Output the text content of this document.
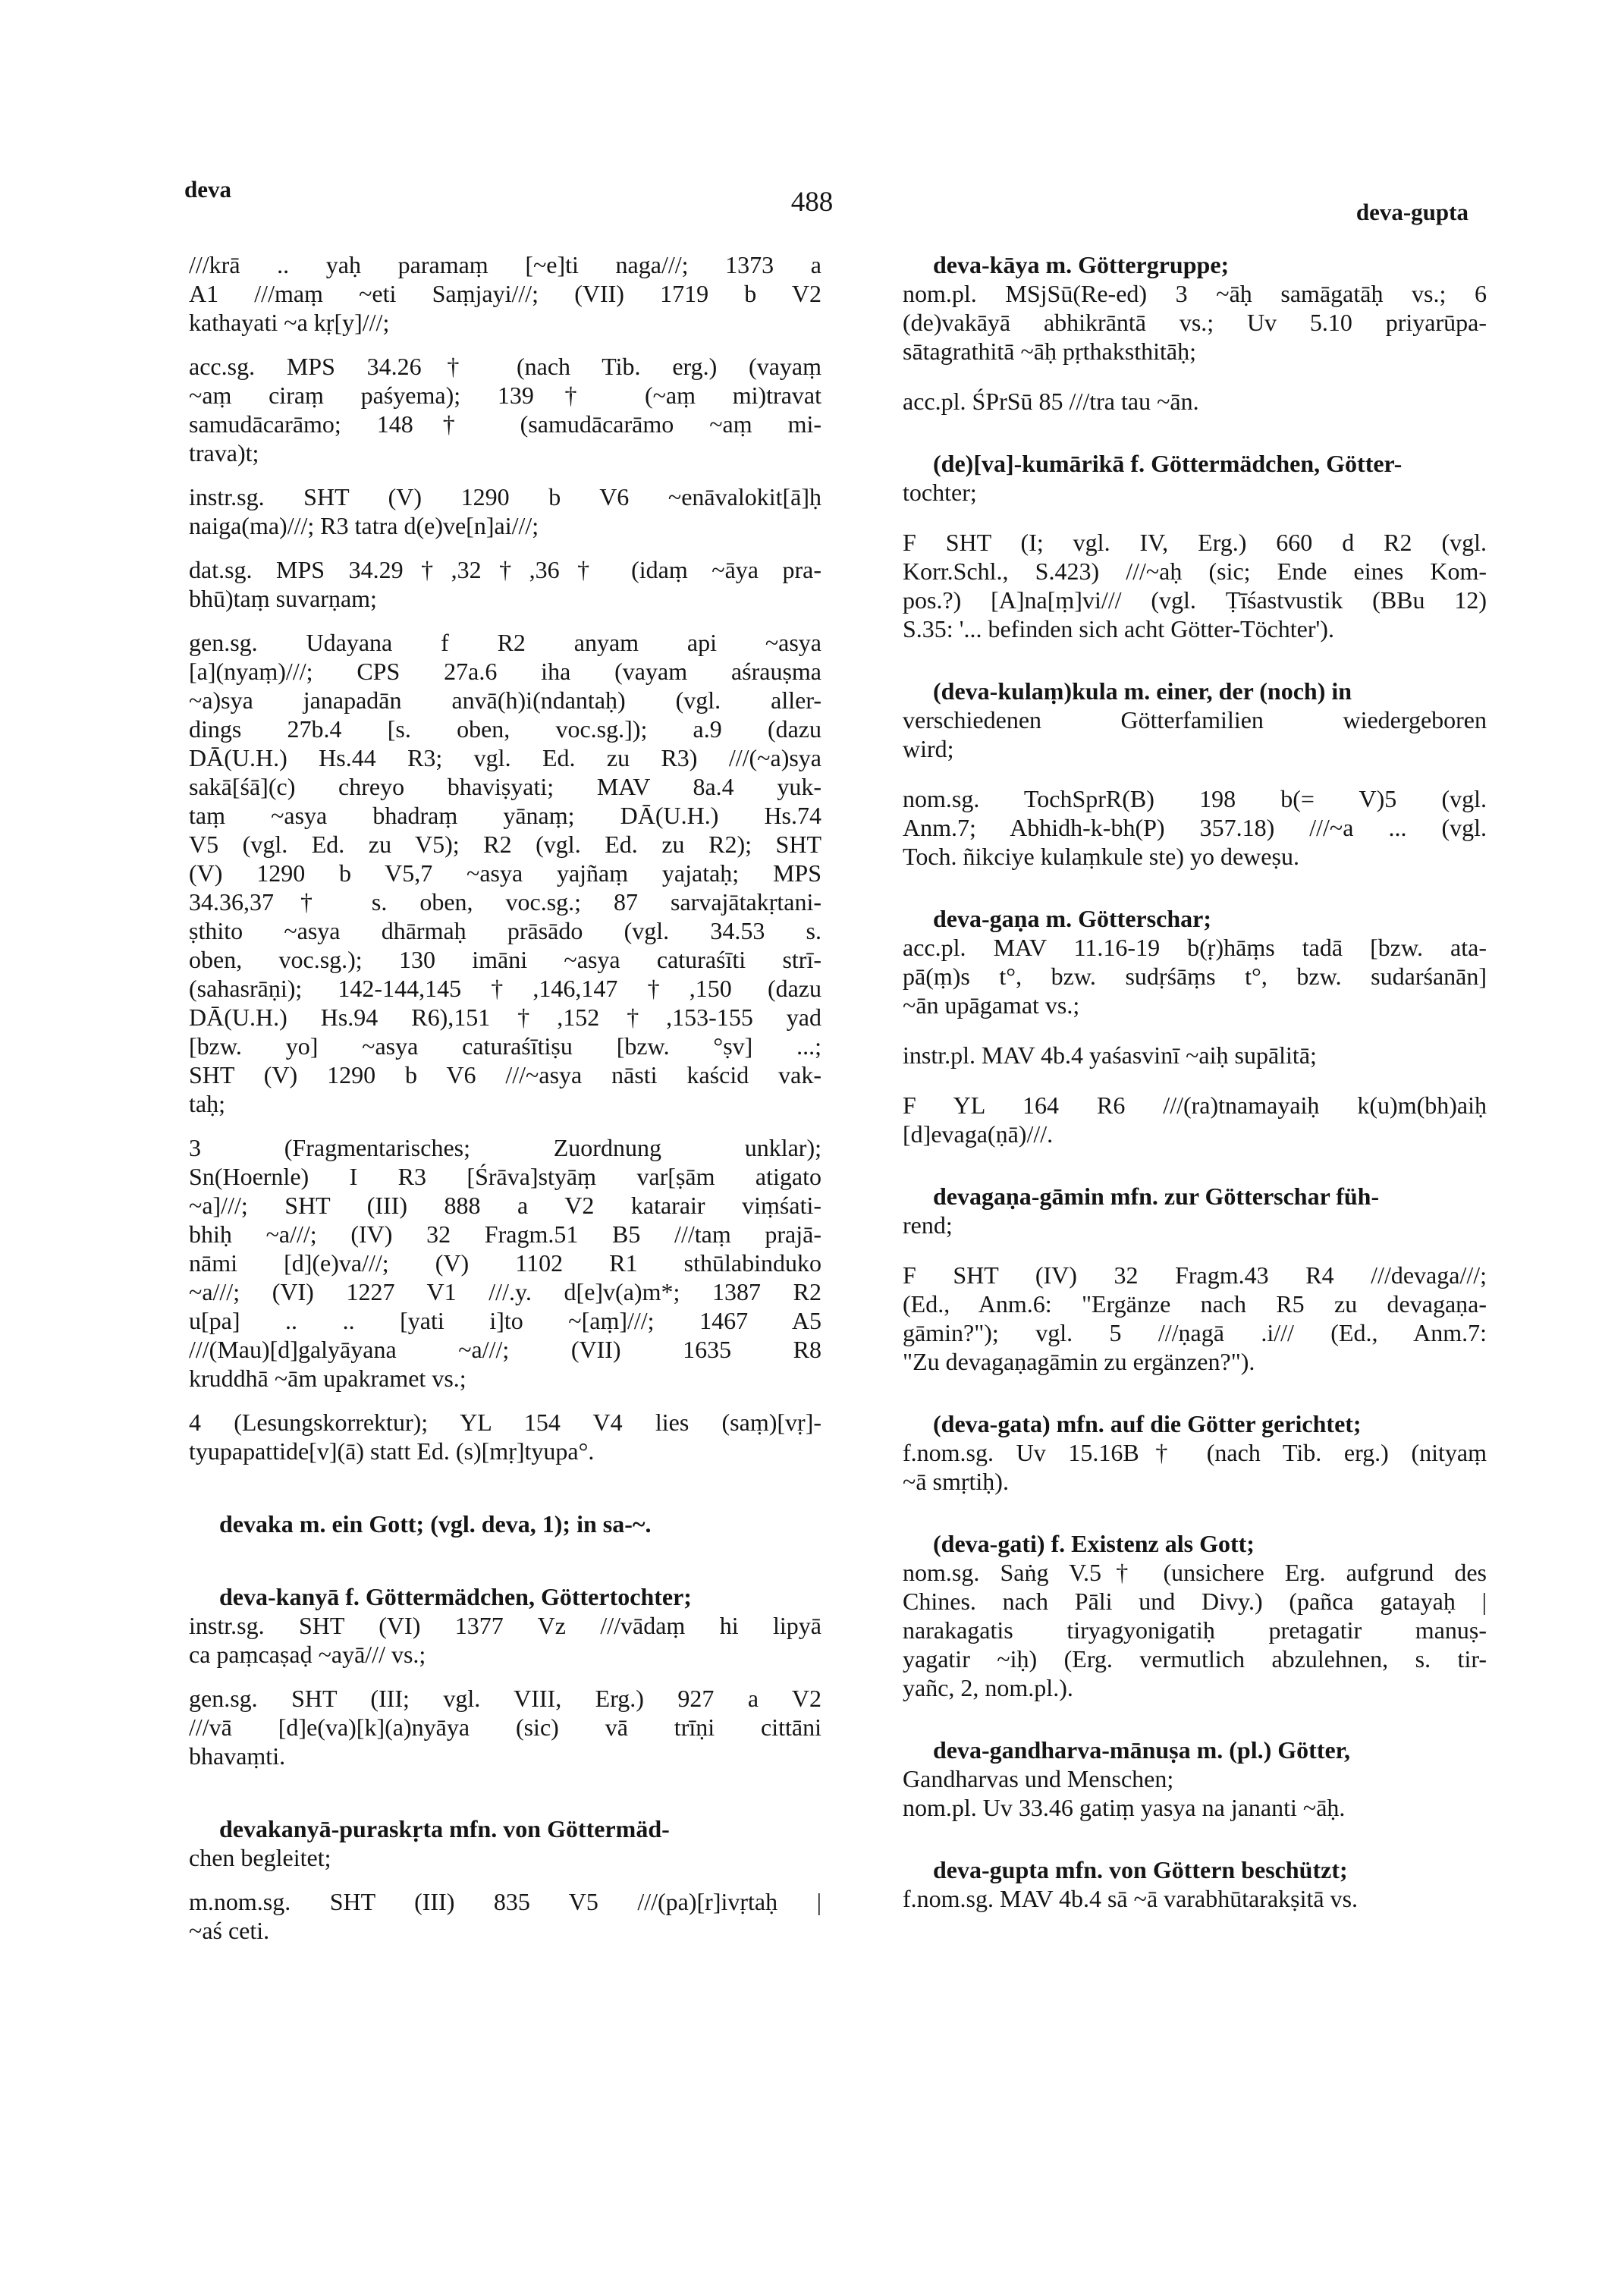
deva	488	deva-gupta
///krā .. yaḥ paramaṃ [~e]ti naga///; 1373 a
A1 ///maṃ ~eti Saṃjayi///; (VII) 1719 b V2
kathayati ~a kṛ[y]///;
acc.sg. MPS 34.26† (nach Tib. erg.) (vayaṃ
~aṃ ciraṃ paśyema); 139† (~aṃ mi)travat
samudācarāmo; 148† (samudācarāmo ~aṃ mi-
trava)t;
instr.sg. SHT (V) 1290 b V6 ~enāvalokit[ā]ḥ
naiga(ma)///; R3 tatra d(e)ve[n]ai///;
dat.sg. MPS 34.29†,32†,36† (idaṃ ~āya pra-
bhū)taṃ suvarṇam;
gen.sg. Udayana f R2 anyam api ~asya
[a](nyaṃ)///; CPS 27a.6 iha (vayam aśrauṣma
~a)sya janapadān anvā(h)i(ndantaḥ) (vgl. aller-
dings 27b.4 [s. oben, voc.sg.]); a.9 (dazu
DĀ(U.H.) Hs.44 R3; vgl. Ed. zu R3) ///(~a)sya
sakā[śā](c) chreyo bhaviṣyati; MAV 8a.4 yuk-
taṃ ~asya bhadraṃ yānaṃ; DĀ(U.H.) Hs.74
V5 (vgl. Ed. zu V5); R2 (vgl. Ed. zu R2); SHT
(V) 1290 b V5,7 ~asya yajñaṃ yajataḥ; MPS
34.36,37† s. oben, voc.sg.; 87 sarvajātakṛtani-
ṣthito ~asya dhārmaḥ prāsādo (vgl. 34.53 s.
oben, voc.sg.); 130 imāni ~asya caturaśīti strī-
(sahasrāṇi); 142-144,145†,146,147†,150 (dazu
DĀ(U.H.) Hs.94 R6),151†,152†,153-155 yad
[bzw. yo] ~asya caturaśītiṣu [bzw. °ṣv] ...;
SHT (V) 1290 b V6 ///~asya nāsti kaścid vak-
taḥ;
3 (Fragmentarisches; Zuordnung unklar);
Sn(Hoernle) I R3 [Śrāva]styāṃ var[ṣām atigato
~a]///; SHT (III) 888 a V2 katarair viṃśati-
bhiḥ ~a///; (IV) 32 Fragm.51 B5 ///taṃ prajā-
nāmi [d](e)va///; (V) 1102 R1 sthūlabinduko
~a///; (VI) 1227 V1 ///.y. d[e]v(a)m*; 1387 R2
u[pa] .. .. [yati i]to ~[aṃ]///; 1467 A5
///(Mau)[d]galyāyana ~a///; (VII) 1635 R8
kruddhā ~ām upakramet vs.;
4 (Lesungskorrektur); YL 154 V4 lies (saṃ)[vṛ]-
tyupapattide[v](ā) statt Ed. (s)[mṛ]tyupa°.
devaka m. ein Gott; (vgl. deva, 1); in sa-~.
deva-kanyā f. Göttermädchen, Göttertochter;
instr.sg. SHT (VI) 1377 Vz ///vādaṃ hi lipyā
ca paṃcaṣaḍ ~ayā/// vs.;
gen.sg. SHT (III; vgl. VIII, Erg.) 927 a V2
///vā [d]e(va)[k](a)nyāya (sic) vā trīṇi cittāni
bhavaṃti.
devakanyā-puraskṛta mfn. von Göttermäd-
chen begleitet;
m.nom.sg. SHT (III) 835 V5 ///(pa)[r]ivṛtaḥ |
~aś ceti.
deva-kāya m. Göttergruppe;
nom.pl. MSjSū(Re-ed) 3 ~āḥ samāgatāḥ vs.; 6
(de)vakāyā abhikrāntā vs.; Uv 5.10 priyarūpa-
sātagrathitā ~āḥ pṛthaksthitāḥ;
acc.pl. ŚPrSū 85 ///tra tau ~ān.
(de)[va]-kumārikā f. Göttermädchen, Götter-
tochter;
F SHT (I; vgl. IV, Erg.) 660 d R2 (vgl.
Korr.Schl., S.423) ///~aḥ (sic; Ende eines Kom-
pos.?) [A]na[ṃ]vi/// (vgl. Ṭīśastvustik (BBu 12)
S.35: '... befinden sich acht Götter-Töchter').
(deva-kulaṃ)kula m. einer, der (noch) in
verschiedenen Götterfamilien wiedergeboren
wird;
nom.sg. TochSprR(B) 198 b(= V)5 (vgl.
Anm.7; Abhidh-k-bh(P) 357.18) ///~a ... (vgl.
Toch. ñikciye kulaṃkule ste) yo deweṣu.
deva-gaṇa m. Götterschar;
acc.pl. MAV 11.16-19 b(ṛ)hāṃs tadā [bzw. ata-
pā(ṃ)s t°, bzw. sudṛśāṃs t°, bzw. sudarśanān]
~ān upāgamat vs.;
instr.pl. MAV 4b.4 yaśasvinī ~aiḥ supālitā;
F YL 164 R6 ///(ra)tnamayaiḥ k(u)m(bh)aiḥ
[d]evaga(ṇā)///.
devagaṇa-gāmin mfn. zur Götterschar füh-
rend;
F SHT (IV) 32 Fragm.43 R4 ///devaga///;
(Ed., Anm.6: "Ergänze nach R5 zu devagaṇa-
gāmin?"); vgl. 5 ///ṇagā .i/// (Ed., Anm.7:
"Zu devagaṇagāmin zu ergänzen?").
(deva-gata) mfn. auf die Götter gerichtet;
f.nom.sg. Uv 15.16B† (nach Tib. erg.) (nityaṃ
~ā smṛtiḥ).
(deva-gati) f. Existenz als Gott;
nom.sg. Saṅg V.5† (unsichere Erg. aufgrund des
Chines. nach Pāli und Divy.) (pañca gatayaḥ |
narakagatis tiryagyonigatiḥ pretagatir manuṣ-
yagatir ~iḥ) (Erg. vermutlich abzulehnen, s. tir-
yañc, 2, nom.pl.).
deva-gandharva-mānuṣa m. (pl.) Götter,
Gandharvas und Menschen;
nom.pl. Uv 33.46 gatiṃ yasya na jananti ~āḥ.
deva-gupta mfn. von Göttern beschützt;
f.nom.sg. MAV 4b.4 sā ~ā varabhūtarakṣitā vs.
